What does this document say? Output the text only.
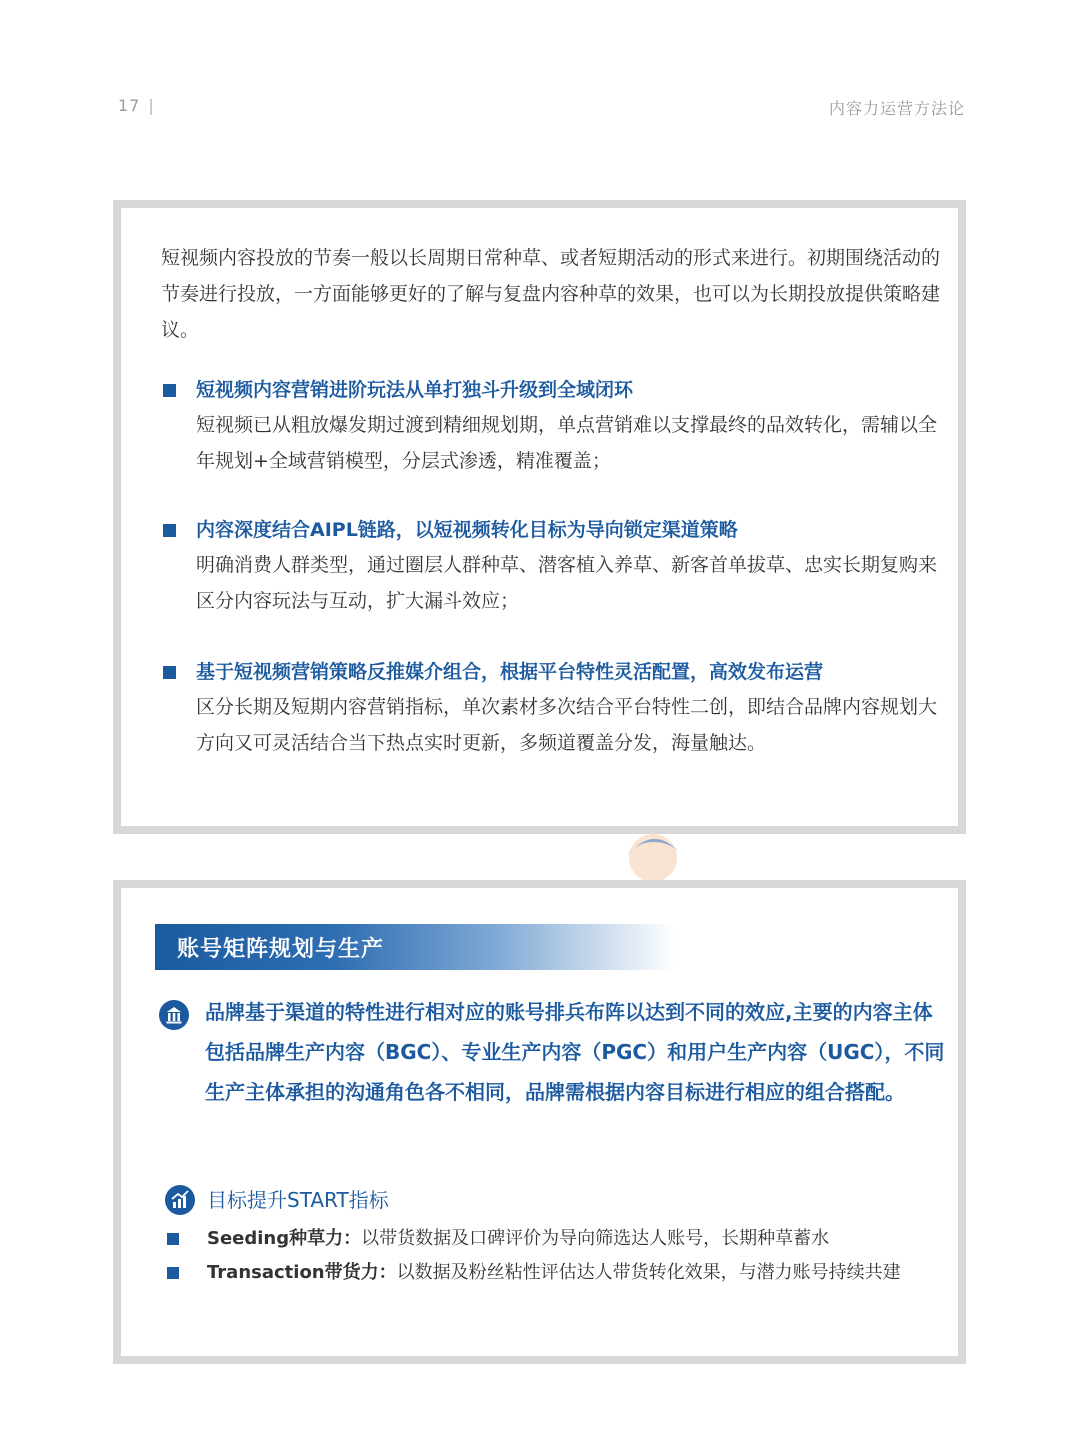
17 |	内容力运营方法论
短视频内容投放的节奏一般以长周期日常种草、或者短期活动的形式来进行。初期围绕活动的节奏进行投放，一方面能够更好的了解与复盘内容种草的效果，也可以为长期投放提供策略建议。
短视频内容营销进阶玩法从单打独斗升级到全域闭环
短视频已从粗放爆发期过渡到精细规划期，单点营销难以支撑最终的品效转化，需辅以全年规划+全域营销模型，分层式渗透，精准覆盖；
内容深度结合AIPL链路，以短视频转化目标为导向锁定渠道策略
明确消费人群类型，通过圈层人群种草、潜客植入养草、新客首单拔草、忠实长期复购来区分内容玩法与互动，扩大漏斗效应；
基于短视频营销策略反推媒介组合，根据平台特性灵活配置，高效发布运营
区分长期及短期内容营销指标，单次素材多次结合平台特性二创，即结合品牌内容规划大方向又可灵活结合当下热点实时更新，多频道覆盖分发，海量触达。
账号矩阵规划与生产
品牌基于渠道的特性进行相对应的账号排兵布阵以达到不同的效应,主要的内容主体包括品牌生产内容（BGC）、专业生产内容（PGC）和用户生产内容（UGC），不同生产主体承担的沟通角色各不相同，品牌需根据内容目标进行相应的组合搭配。
目标提升START指标
Seeding种草力：以带货数据及口碑评价为导向筛选达人账号，长期种草蓄水
Transaction带货力：以数据及粉丝粘性评估达人带货转化效果，与潜力账号持续共建
